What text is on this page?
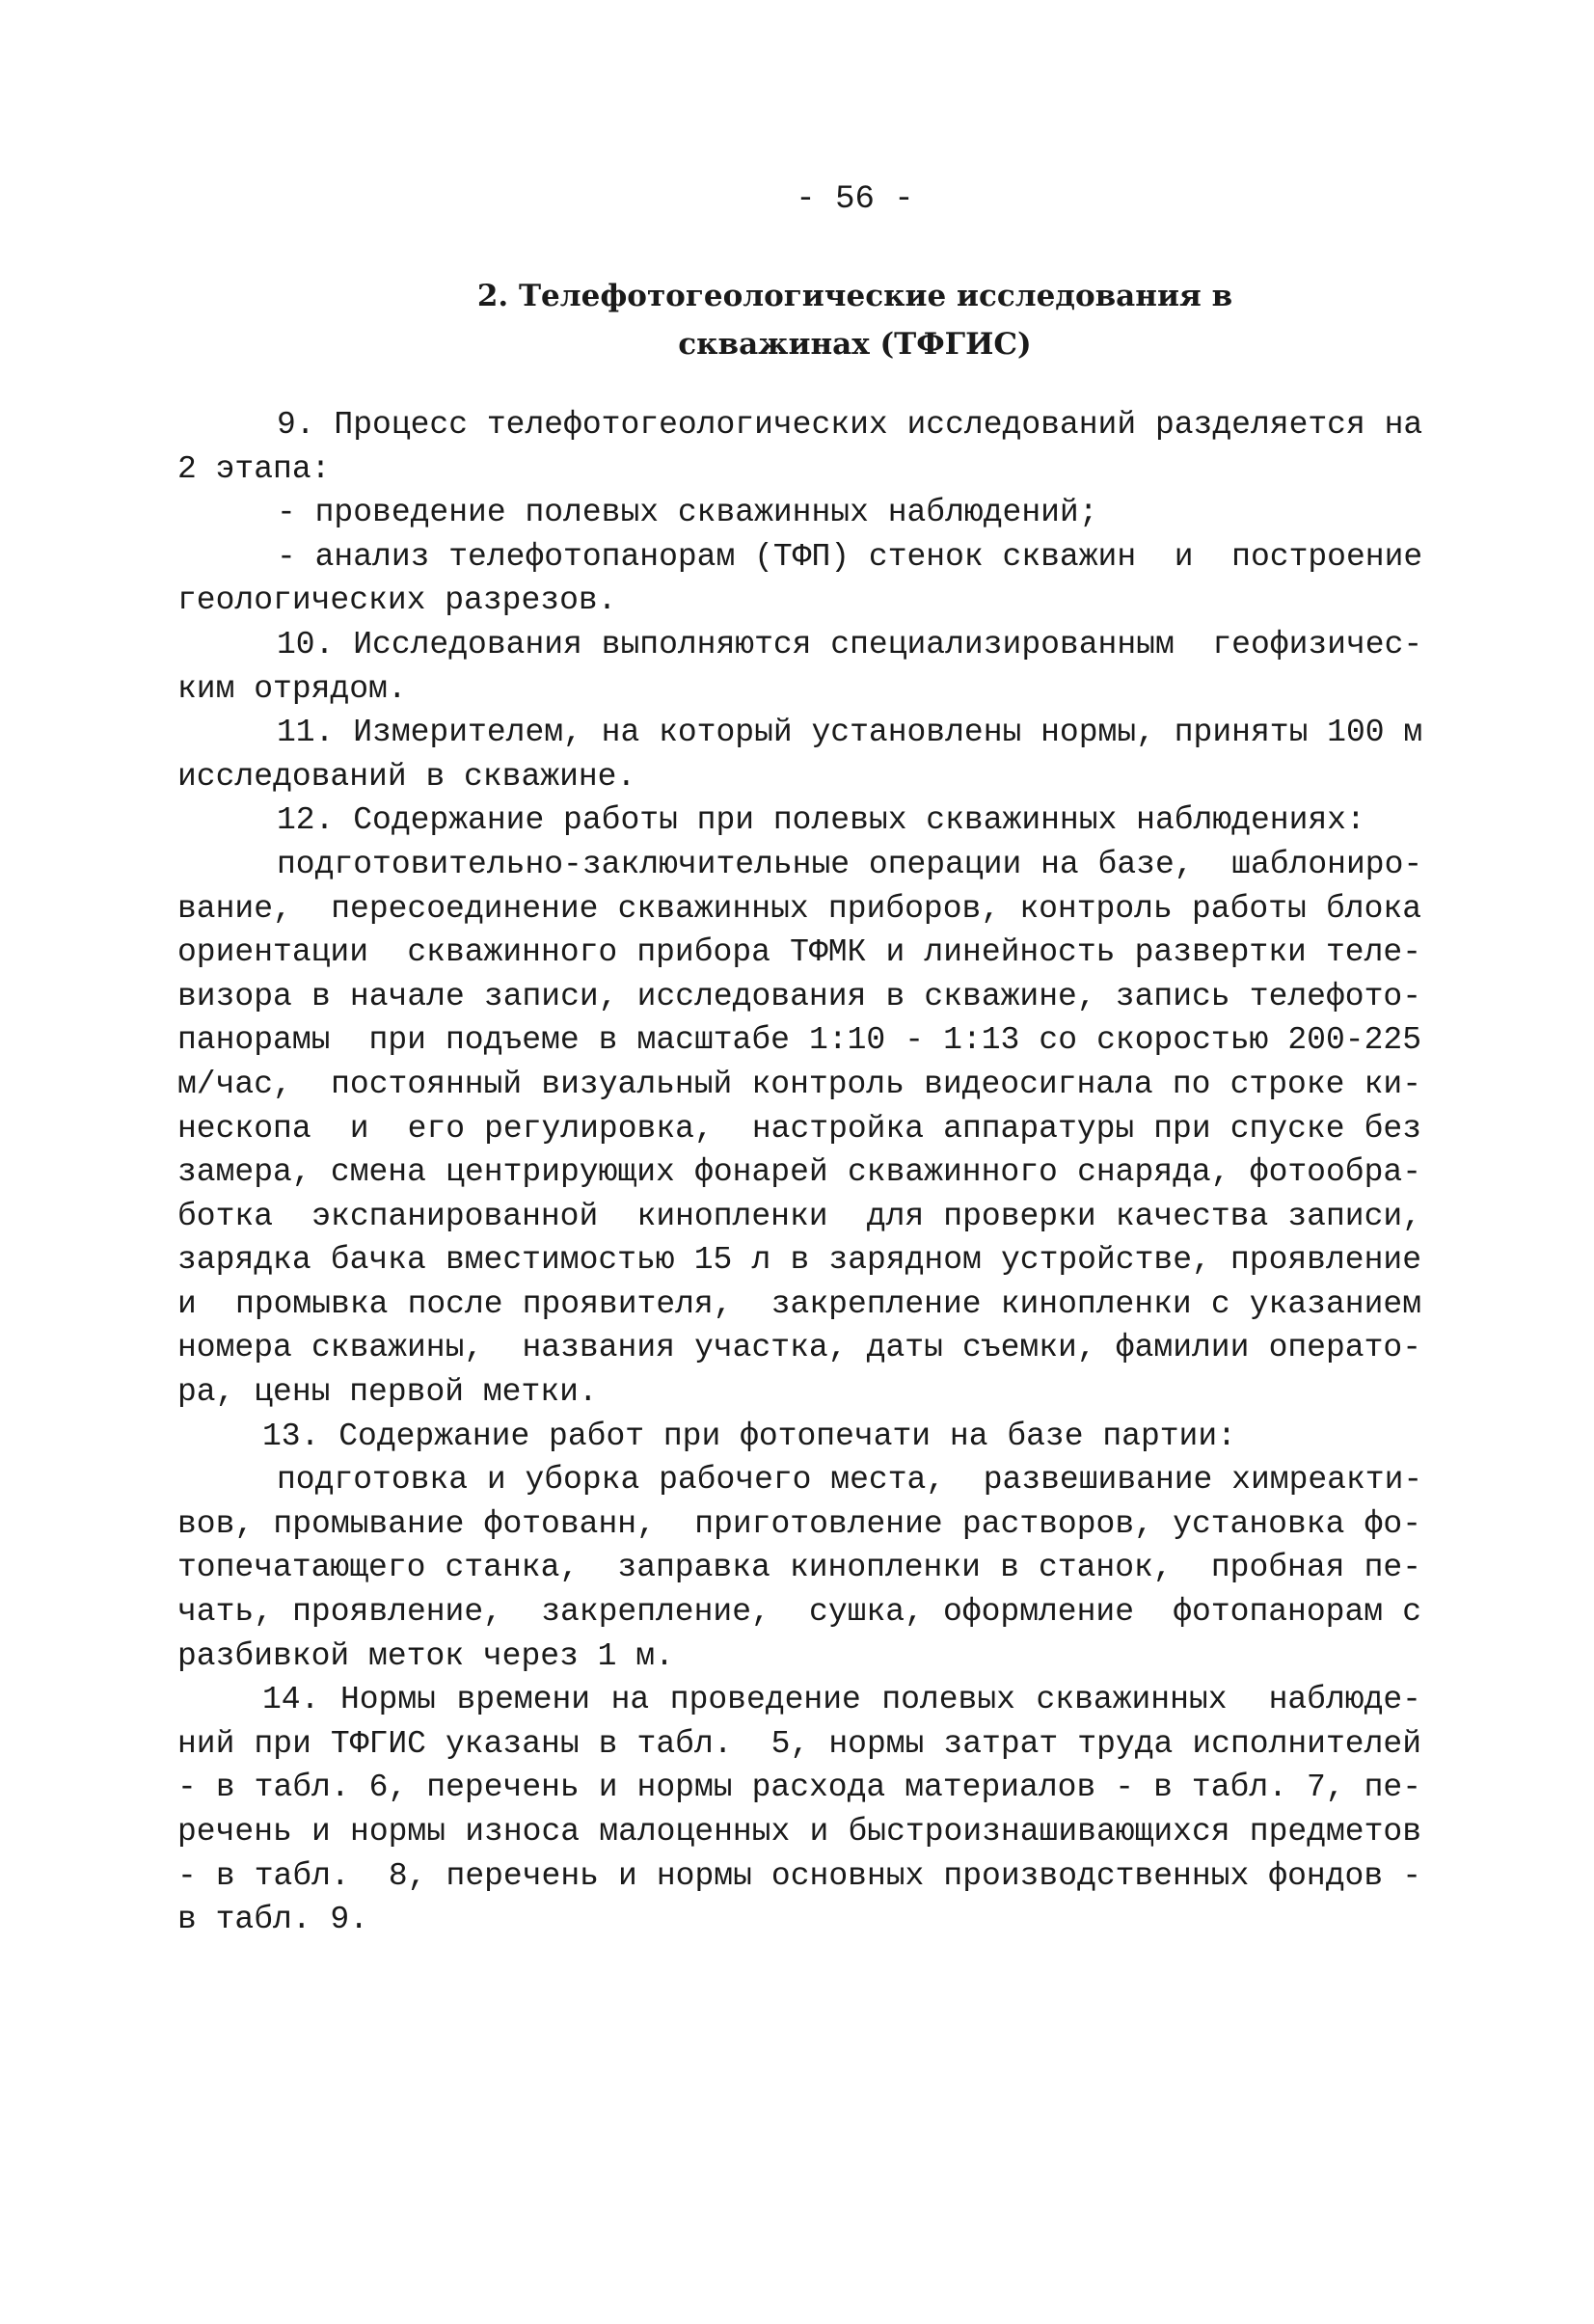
- 56 -
2. Телефотогеологические исследования в
скважинах (ТФГИС)
9. Процесс телефотогеологических исследований разделяется на
2 этапа:
- проведение полевых скважинных наблюдений;
- анализ телефотопанорам (ТФП) стенок скважин  и  построение
геологических разрезов.
10. Исследования выполняются специализированным  геофизичес-
ким отрядом.
11. Измерителем, на который установлены нормы, приняты 100 м
исследований в скважине.
12. Содержание работы при полевых скважинных наблюдениях:
подготовительно-заключительные операции на базе,  шаблониро-
вание,  пересоединение скважинных приборов, контроль работы блока
ориентации  скважинного прибора ТФМК и линейность развертки теле-
визора в начале записи, исследования в скважине, запись телефото-
панорамы  при подъеме в масштабе 1:10 - 1:13 со скоростью 200-225
м/час,  постоянный визуальный контроль видеосигнала по строке ки-
нескопа  и  его регулировка,  настройка аппаратуры при спуске без
замера, смена центрирующих фонарей скважинного снаряда, фотообра-
ботка  экспанированной  кинопленки  для проверки качества записи,
зарядка бачка вместимостью 15 л в зарядном устройстве, проявление
и  промывка после проявителя,  закрепление кинопленки с указанием
номера скважины,  названия участка, даты съемки, фамилии операто-
ра, цены первой метки.
13. Содержание работ при фотопечати на базе партии:
подготовка и уборка рабочего места,  развешивание химреакти-
вов, промывание фотованн,  приготовление растворов, установка фо-
топечатающего станка,  заправка кинопленки в станок,  пробная пе-
чать, проявление,  закрепление,  сушка, оформление  фотопанорам с
разбивкой меток через 1 м.
14. Нормы времени на проведение полевых скважинных  наблюде-
ний при ТФГИС указаны в табл.  5, нормы затрат труда исполнителей
- в табл. 6, перечень и нормы расхода материалов - в табл. 7, пе-
речень и нормы износа малоценных и быстроизнашивающихся предметов
- в табл.  8, перечень и нормы основных производственных фондов -
в табл. 9.
